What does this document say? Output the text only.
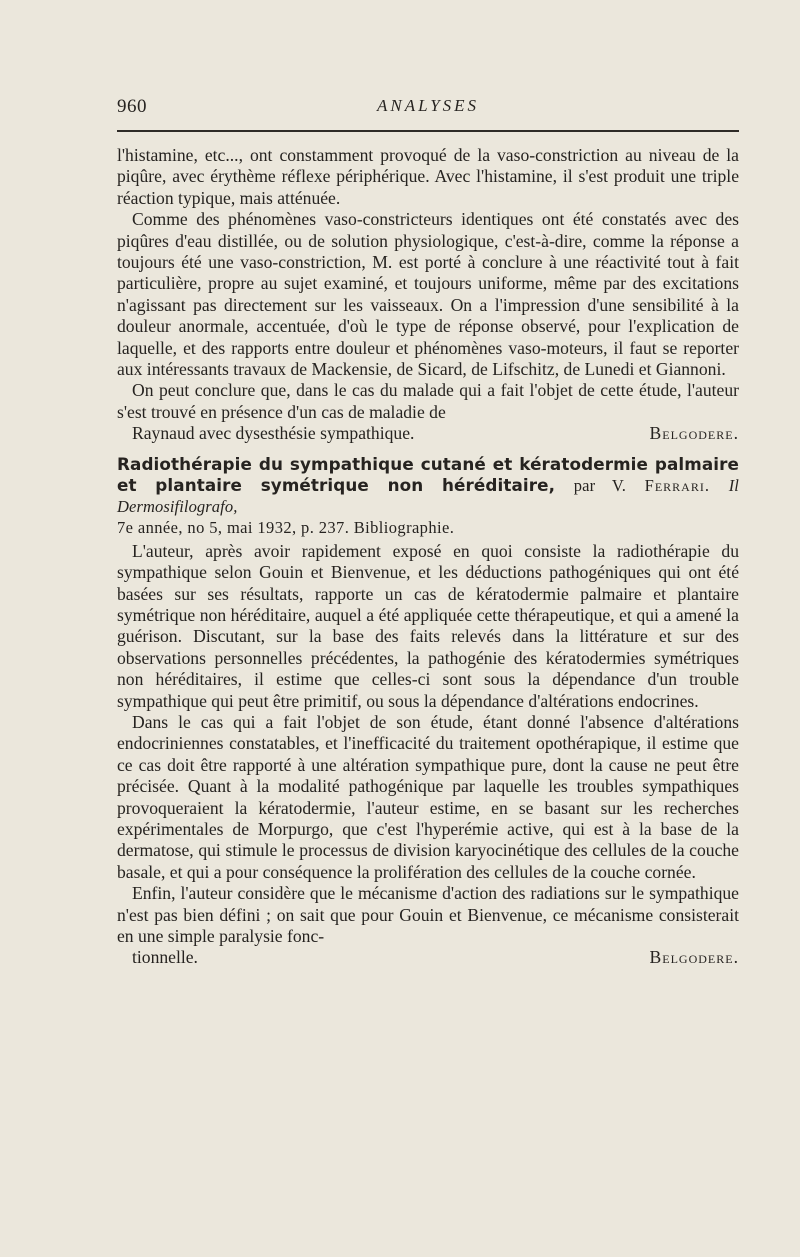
960	ANALYSES

l'histamine, etc..., ont constamment provoqué de la vaso-constriction au niveau de la piqûre, avec érythème réflexe périphérique. Avec l'histamine, il s'est produit une triple réaction typique, mais atténuée.

Comme des phénomènes vaso-constricteurs identiques ont été constatés avec des piqûres d'eau distillée, ou de solution physiologique, c'est-à-dire, comme la réponse a toujours été une vaso-constriction, M. est porté à conclure à une réactivité tout à fait particulière, propre au sujet examiné, et toujours uniforme, même par des excitations n'agissant pas directement sur les vaisseaux. On a l'impression d'une sensibilité à la douleur anormale, accentuée, d'où le type de réponse observé, pour l'explication de laquelle, et des rapports entre douleur et phénomènes vaso-moteurs, il faut se reporter aux intéressants travaux de Mackensie, de Sicard, de Lifschitz, de Lunedi et Giannoni.

On peut conclure que, dans le cas du malade qui a fait l'objet de cette étude, l'auteur s'est trouvé en présence d'un cas de maladie de
Raynaud avec dysesthésie sympathique.	Belgodere.

Radiothérapie du sympathique cutané et kératodermie palmaire et plantaire symétrique non héréditaire, par V. Ferrari. Il Dermosifilografo,
7e année, no 5, mai 1932, p. 237. Bibliographie.

L'auteur, après avoir rapidement exposé en quoi consiste la radiothérapie du sympathique selon Gouin et Bienvenue, et les déductions pathogéniques qui ont été basées sur ses résultats, rapporte un cas de kératodermie palmaire et plantaire symétrique non héréditaire, auquel a été appliquée cette thérapeutique, et qui a amené la guérison. Discutant, sur la base des faits relevés dans la littérature et sur des observations personnelles précédentes, la pathogénie des kératodermies symétriques non héréditaires, il estime que celles-ci sont sous la dépendance d'un trouble sympathique qui peut être primitif, ou sous la dépendance d'altérations endocrines.

Dans le cas qui a fait l'objet de son étude, étant donné l'absence d'altérations endocriniennes constatables, et l'inefficacité du traitement opothérapique, il estime que ce cas doit être rapporté à une altération sympathique pure, dont la cause ne peut être précisée. Quant à la modalité pathogénique par laquelle les troubles sympathiques provoqueraient la kératodermie, l'auteur estime, en se basant sur les recherches expérimentales de Morpurgo, que c'est l'hyperémie active, qui est à la base de la dermatose, qui stimule le processus de division karyocinétique des cellules de la couche basale, et qui a pour conséquence la prolifération des cellules de la couche cornée.

Enfin, l'auteur considère que le mécanisme d'action des radiations sur le sympathique n'est pas bien défini ; on sait que pour Gouin et Bienvenue, ce mécanisme consisterait en une simple paralysie fonc-
tionnelle.	Belgodere.
